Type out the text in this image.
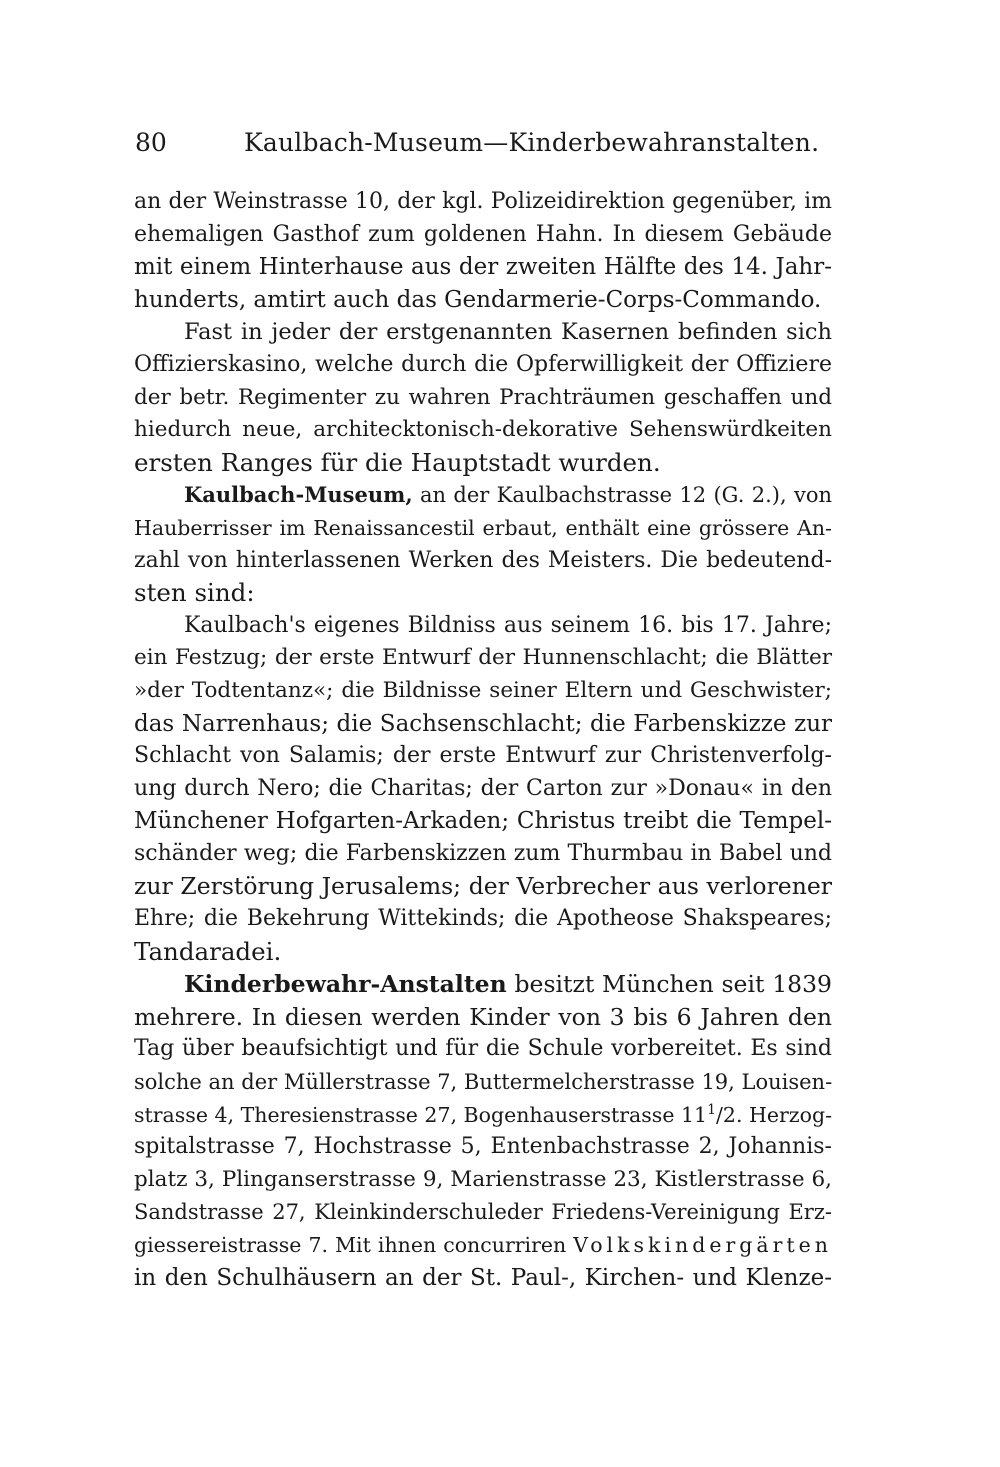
80	Kaulbach-Museum—Kinderbewahranstalten.
an der Weinstrasse 10, der kgl. Polizeidirektion gegenüber, im
ehemaligen Gasthof zum goldenen Hahn. In diesem Gebäude
mit einem Hinterhause aus der zweiten Hälfte des 14. Jahr-
hunderts, amtirt auch das Gendarmerie-Corps-Commando.
Fast in jeder der erstgenannten Kasernen befinden sich
Offizierskasino, welche durch die Opferwilligkeit der Offiziere
der betr. Regimenter zu wahren Prachträumen geschaffen und
hiedurch neue, architecktonisch-dekorative Sehenswürdkeiten
ersten Ranges für die Hauptstadt wurden.
Kaulbach-Museum, an der Kaulbachstrasse 12 (G. 2.), von
Hauberrisser im Renaissancestil erbaut, enthält eine grössere An-
zahl von hinterlassenen Werken des Meisters. Die bedeutend-
sten sind:
Kaulbach's eigenes Bildniss aus seinem 16. bis 17. Jahre;
ein Festzug; der erste Entwurf der Hunnenschlacht; die Blätter
»der Todtentanz«; die Bildnisse seiner Eltern und Geschwister;
das Narrenhaus; die Sachsenschlacht; die Farbenskizze zur
Schlacht von Salamis; der erste Entwurf zur Christenverfolg-
ung durch Nero; die Charitas; der Carton zur »Donau« in den
Münchener Hofgarten-Arkaden; Christus treibt die Tempel-
schänder weg; die Farbenskizzen zum Thurmbau in Babel und
zur Zerstörung Jerusalems; der Verbrecher aus verlorener
Ehre; die Bekehrung Wittekinds; die Apotheose Shakspeares;
Tandaradei.
Kinderbewahr-Anstalten besitzt München seit 1839
mehrere. In diesen werden Kinder von 3 bis 6 Jahren den
Tag über beaufsichtigt und für die Schule vorbereitet. Es sind
solche an der Müllerstrasse 7, Buttermelcherstrasse 19, Louisen-
strasse 4, Theresienstrasse 27, Bogenhauserstrasse $11^1/2$. Herzog-
spitalstrasse 7, Hochstrasse 5, Entenbachstrasse 2, Johannis-
platz 3, Plinganserstrasse 9, Marienstrasse 23, Kistlerstrasse 6,
Sandstrasse 27, Kleinkinderschuleder Friedens-Vereinigung Erz-
giessereistrasse 7. Mit ihnen concurriren Volkskindergärten
in den Schulhäusern an der St. Paul-, Kirchen- und Klenze-
